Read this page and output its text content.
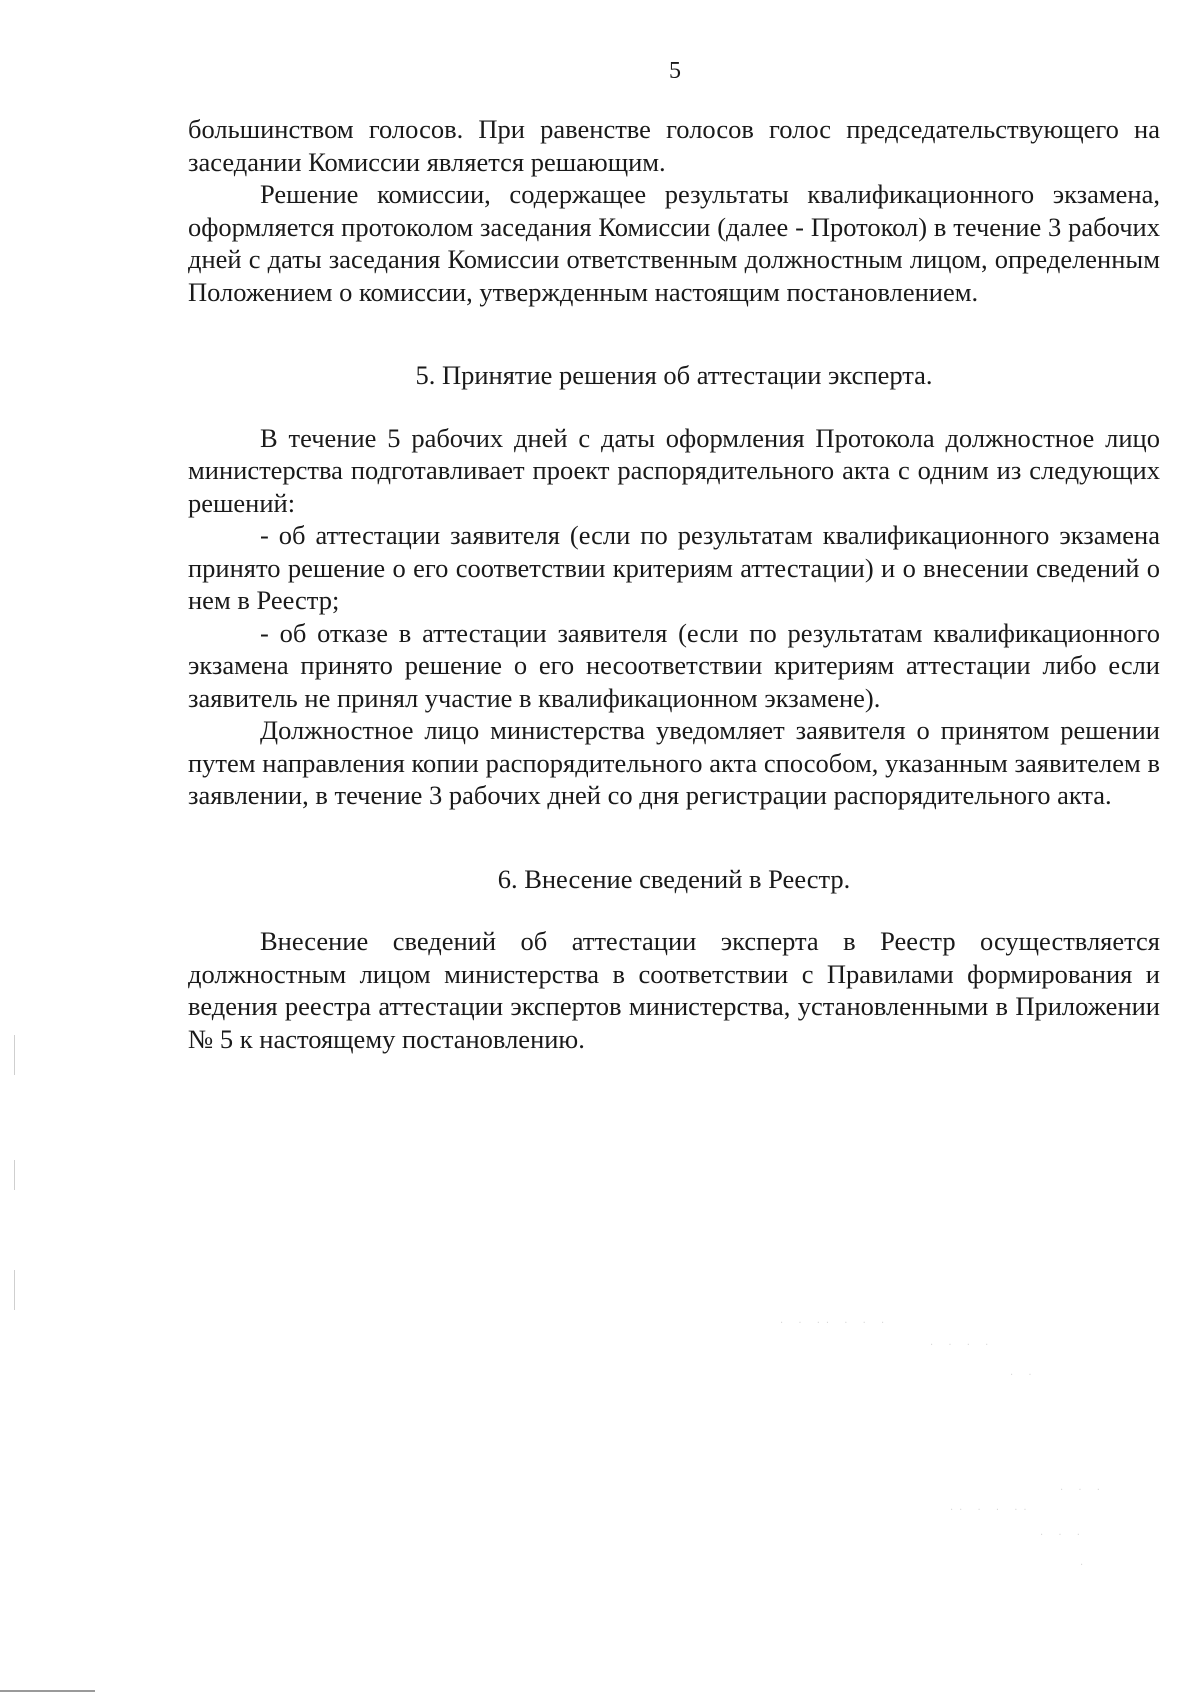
5

большинством голосов. При равенстве голосов голос председательствующего на заседании Комиссии является решающим.

Решение комиссии, содержащее результаты квалификационного экзамена, оформляется протоколом заседания Комиссии (далее - Протокол) в течение 3 рабочих дней с даты заседания Комиссии ответственным должностным лицом, определенным Положением о комиссии, утвержденным настоящим постановлением.

5. Принятие решения об аттестации эксперта.

В течение 5 рабочих дней с даты оформления Протокола должностное лицо министерства подготавливает проект распорядительного акта с одним из следующих решений:

- об аттестации заявителя (если по результатам квалификационного экзамена принято решение о его соответствии критериям аттестации) и о внесении сведений о нем в Реестр;

- об отказе в аттестации заявителя (если по результатам квалификационного экзамена принято решение о его несоответствии критериям аттестации либо если заявитель не принял участие в квалификационном экзамене).

Должностное лицо министерства уведомляет заявителя о принятом решении путем направления копии распорядительного акта способом, указанным заявителем в заявлении, в течение 3 рабочих дней со дня регистрации распорядительного акта.

6. Внесение сведений в Реестр.

Внесение сведений об аттестации эксперта в Реестр осуществляется должностным лицом министерства в соответствии с Правилами формирования и ведения реестра аттестации экспертов министерства, установленными в Приложении № 5 к настоящему постановлению.

· · ·· · · ·
· · · ·
· ·
· · ·
·· · · ··
· · ·
·
